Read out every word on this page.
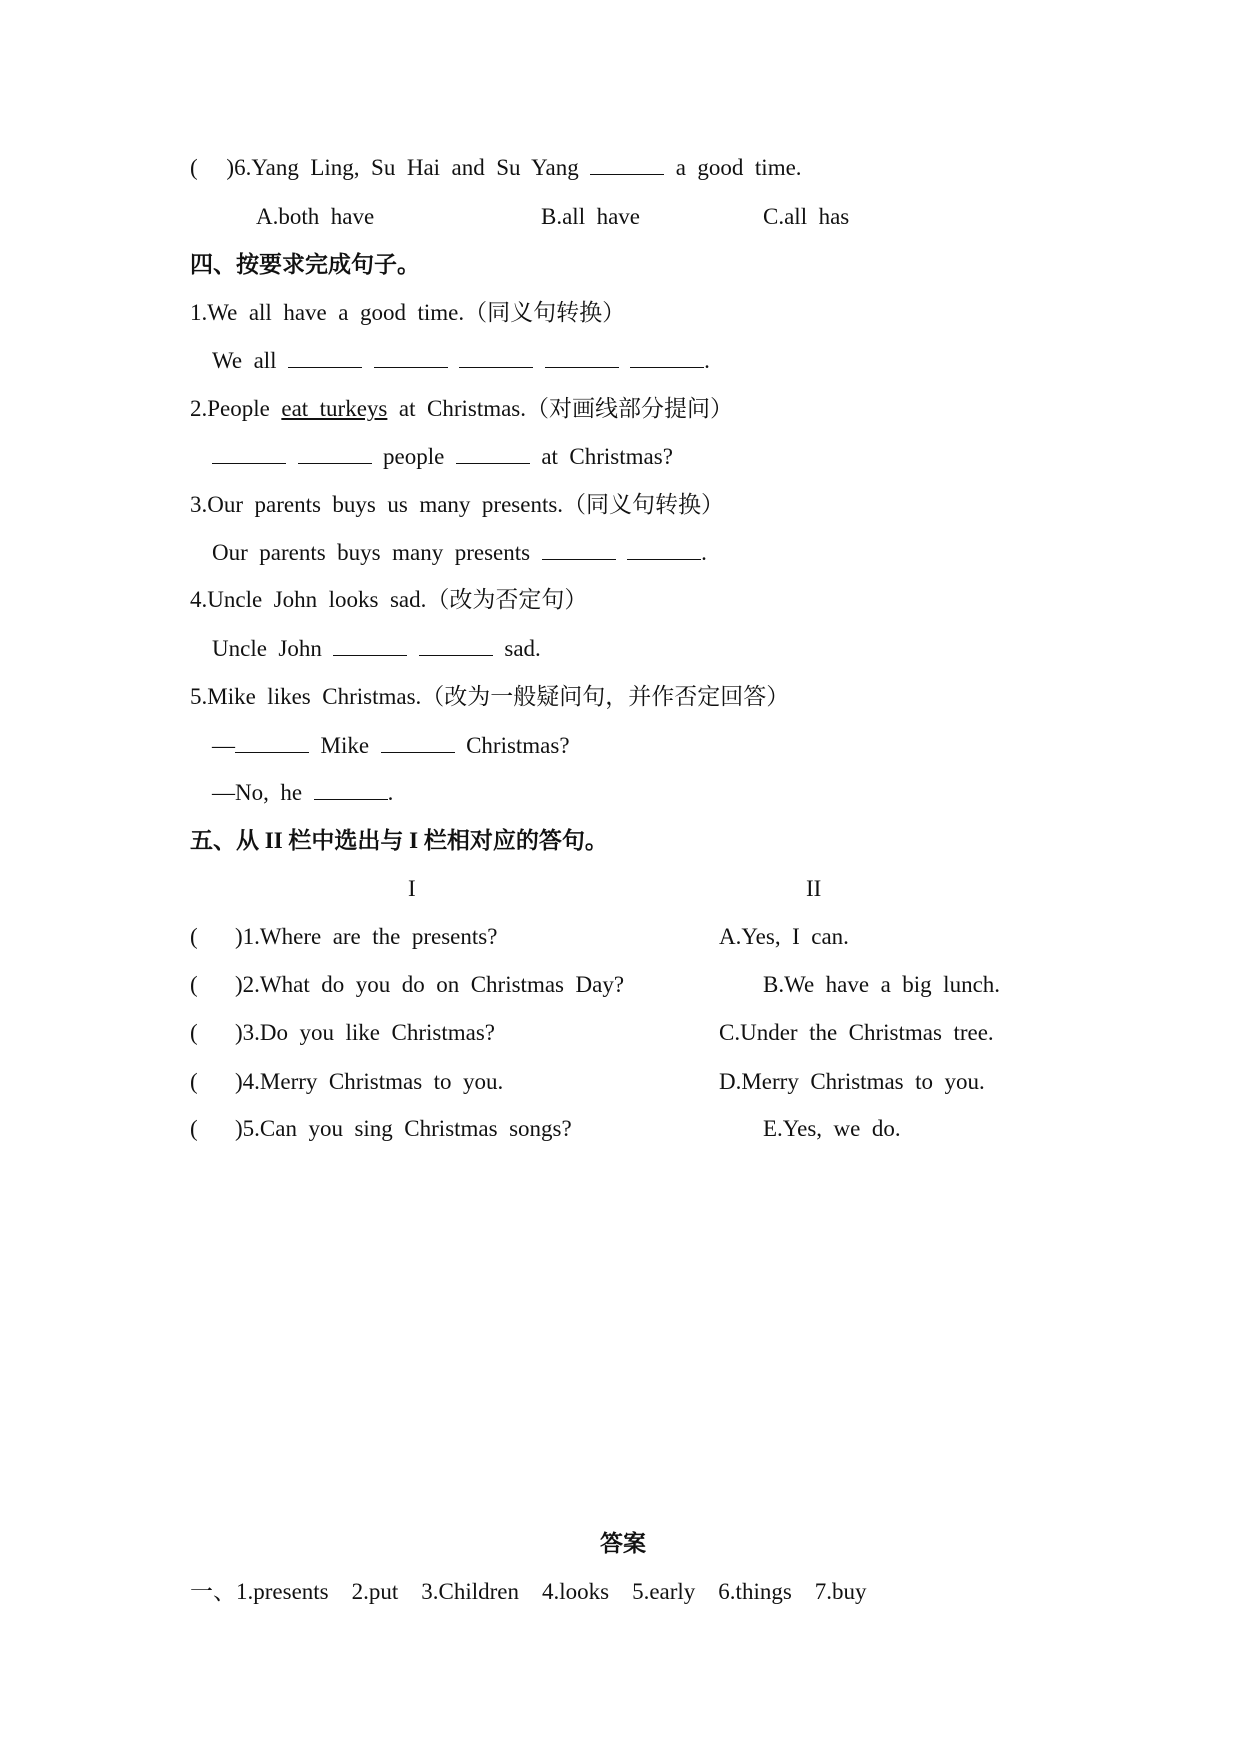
( )6.Yang  Ling,  Su  Hai  and  Su  Yang	a  good  time.
A.both  have	B.all  have	C.all  has
四、按要求完成句子。
1.We  all  have  a  good  time.（同义句转换）
We  all	.
2.People  eat  turkeys  at  Christmas.（对画线部分提问）
people	at  Christmas?
3.Our  parents  buys  us  many  presents.（同义句转换）
Our  parents  buys  many  presents	.
4.Uncle  John  looks  sad.（改为否定句）
Uncle  John	sad.
5.Mike  likes  Christmas.（改为一般疑问句，并作否定回答）
—	Mike	Christmas?
—No,  he	.
五、从 II 栏中选出与 I 栏相对应的答句。
I	II
( )1.Where  are  the  presents?	A.Yes,  I  can.
( )2.What  do  you  do  on  Christmas  Day?	B.We  have  a  big  lunch.
( )3.Do  you  like  Christmas?	C.Under  the  Christmas  tree.
( )4.Merry  Christmas  to  you.	D.Merry  Christmas  to  you.
( )5.Can  you  sing  Christmas  songs?	E.Yes,  we  do.
答案
一、1.presents    2.put    3.Children    4.looks    5.early    6.things    7.buy
